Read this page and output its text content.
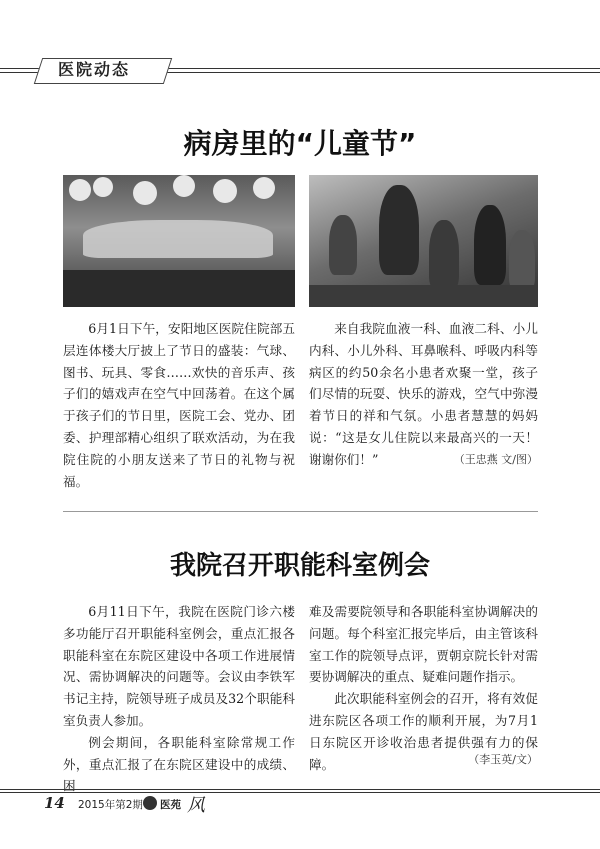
医院动态
病房里的“儿童节”
6月1日下午，安阳地区医院住院部五层连体楼大厅披上了节日的盛装：气球、图书、玩具、零食……欢快的音乐声、孩子们的嬉戏声在空气中回荡着。在这个属于孩子们的节日里，医院工会、党办、团委、护理部精心组织了联欢活动，为在我院住院的小朋友送来了节日的礼物与祝福。
来自我院血液一科、血液二科、小儿内科、小儿外科、耳鼻喉科、呼吸内科等病区的约50余名小患者欢聚一堂，孩子们尽情的玩耍、快乐的游戏，空气中弥漫着节日的祥和气氛。小患者慧慧的妈妈说：“这是女儿住院以来最高兴的一天！谢谢你们！”	（王忠燕 文/图）
我院召开职能科室例会
6月11日下午，我院在医院门诊六楼多功能厅召开职能科室例会，重点汇报各职能科室在东院区建设中各项工作进展情况、需协调解决的问题等。会议由李铁军书记主持，院领导班子成员及32个职能科室负责人参加。
例会期间，各职能科室除常规工作外，重点汇报了在东院区建设中的成绩、困
难及需要院领导和各职能科室协调解决的问题。每个科室汇报完毕后，由主管该科室工作的院领导点评，贾朝京院长针对需要协调解决的重点、疑难问题作指示。
此次职能科室例会的召开，将有效促进东院区各项工作的顺利开展，为7月1日东院区开诊收治患者提供强有力的保障。	（李玉英/文）
14 2015年第2期 医苑 风
